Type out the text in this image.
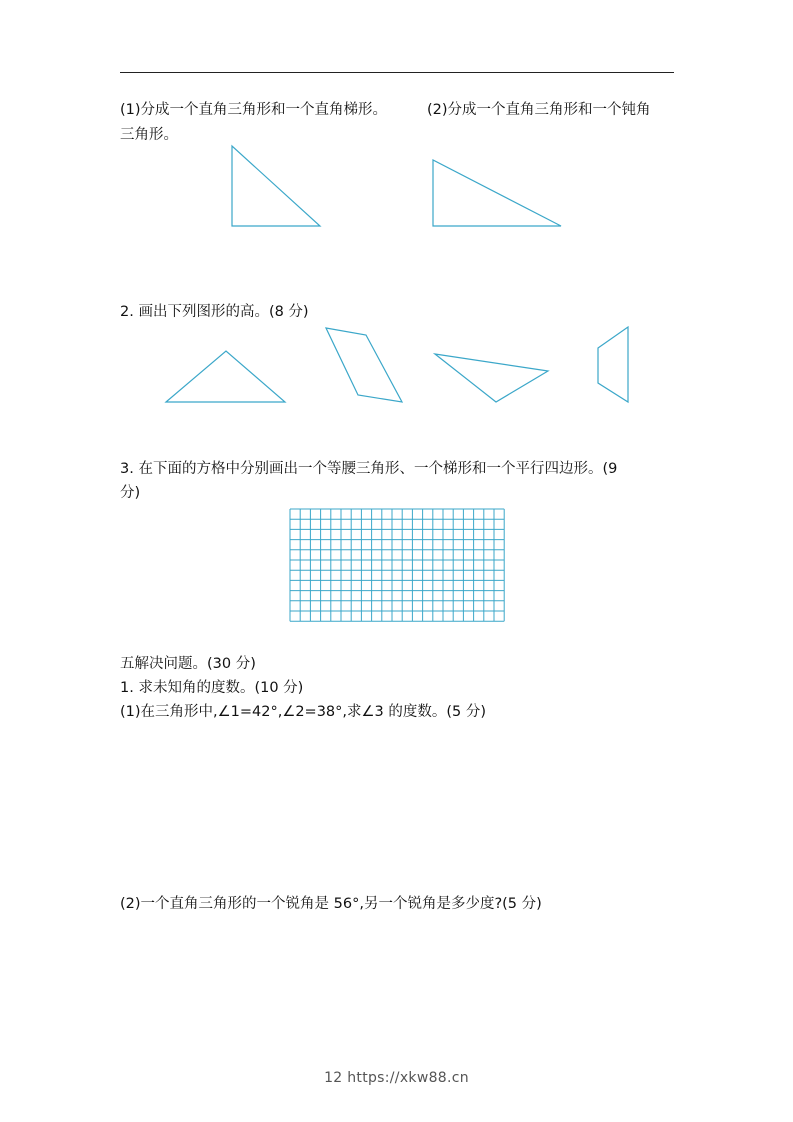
(1)分成一个直角三角形和一个直角梯形。	(2)分成一个直角三角形和一个钝角
三角形。
2. 画出下列图形的高。(8 分)
3. 在下面的方格中分别画出一个等腰三角形、一个梯形和一个平行四边形。(9
分)
五解决问题。(30 分)
1. 求未知角的度数。(10 分)
(1)在三角形中,∠1=42°,∠2=38°,求∠3 的度数。(5 分)
(2)一个直角三角形的一个锐角是 56°,另一个锐角是多少度?(5 分)
12 https://xkw88.cn
